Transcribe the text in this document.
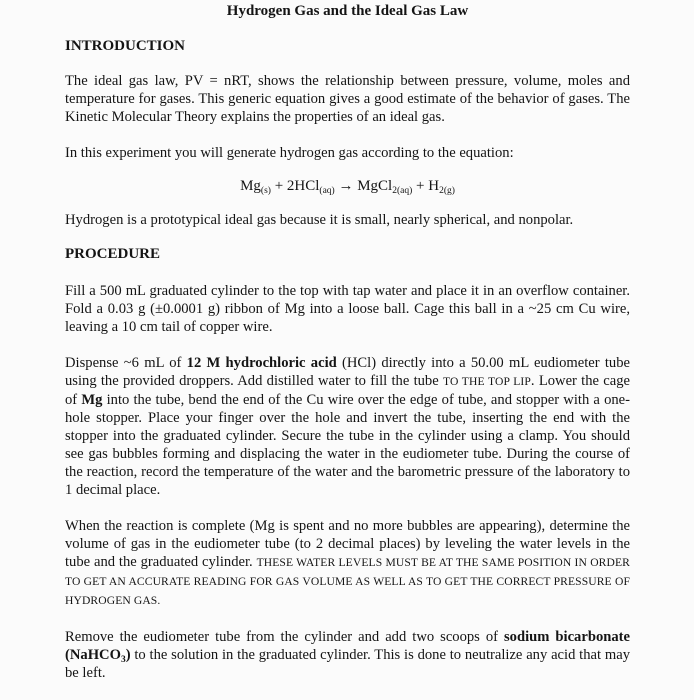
Hydrogen Gas and the Ideal Gas Law
INTRODUCTION

The ideal gas law, PV = nRT, shows the relationship between pressure, volume, moles and temperature for gases. This generic equation gives a good estimate of the behavior of gases. The Kinetic Molecular Theory explains the properties of an ideal gas.

In this experiment you will generate hydrogen gas according to the equation:

$Mg_{(s)} + 2HCl_{(aq)}$ → MgCl$_{2(aq)}$ + $H_{2(g)}$

Hydrogen is a prototypical ideal gas because it is small, nearly spherical, and nonpolar.

PROCEDURE

Fill a 500 mL graduated cylinder to the top with tap water and place it in an overflow container. Fold a 0.03 g (±0.0001 g) ribbon of Mg into a loose ball. Cage this ball in a ~25 cm Cu wire, leaving a 10 cm tail of copper wire.

Dispense ~6 mL of 12 M hydrochloric acid (HCl) directly into a 50.00 mL eudiometer tube using the provided droppers. Add distilled water to fill the tube TO THE TOP LIP. Lower the cage of Mg into the tube, bend the end of the Cu wire over the edge of tube, and stopper with a one-hole stopper. Place your finger over the hole and invert the tube, inserting the end with the stopper into the graduated cylinder. Secure the tube in the cylinder using a clamp. You should see gas bubbles forming and displacing the water in the eudiometer tube. During the course of the reaction, record the temperature of the water and the barometric pressure of the laboratory to 1 decimal place.

When the reaction is complete (Mg is spent and no more bubbles are appearing), determine the volume of gas in the eudiometer tube (to 2 decimal places) by leveling the water levels in the tube and the graduated cylinder. THESE WATER LEVELS MUST BE AT THE SAME POSITION IN ORDER TO GET AN ACCURATE READING FOR GAS VOLUME AS WELL AS TO GET THE CORRECT PRESSURE OF HYDROGEN GAS.

Remove the eudiometer tube from the cylinder and add two scoops of sodium bicarbonate (NaHCO$_3$) to the solution in the graduated cylinder. This is done to neutralize any acid that may be left.
